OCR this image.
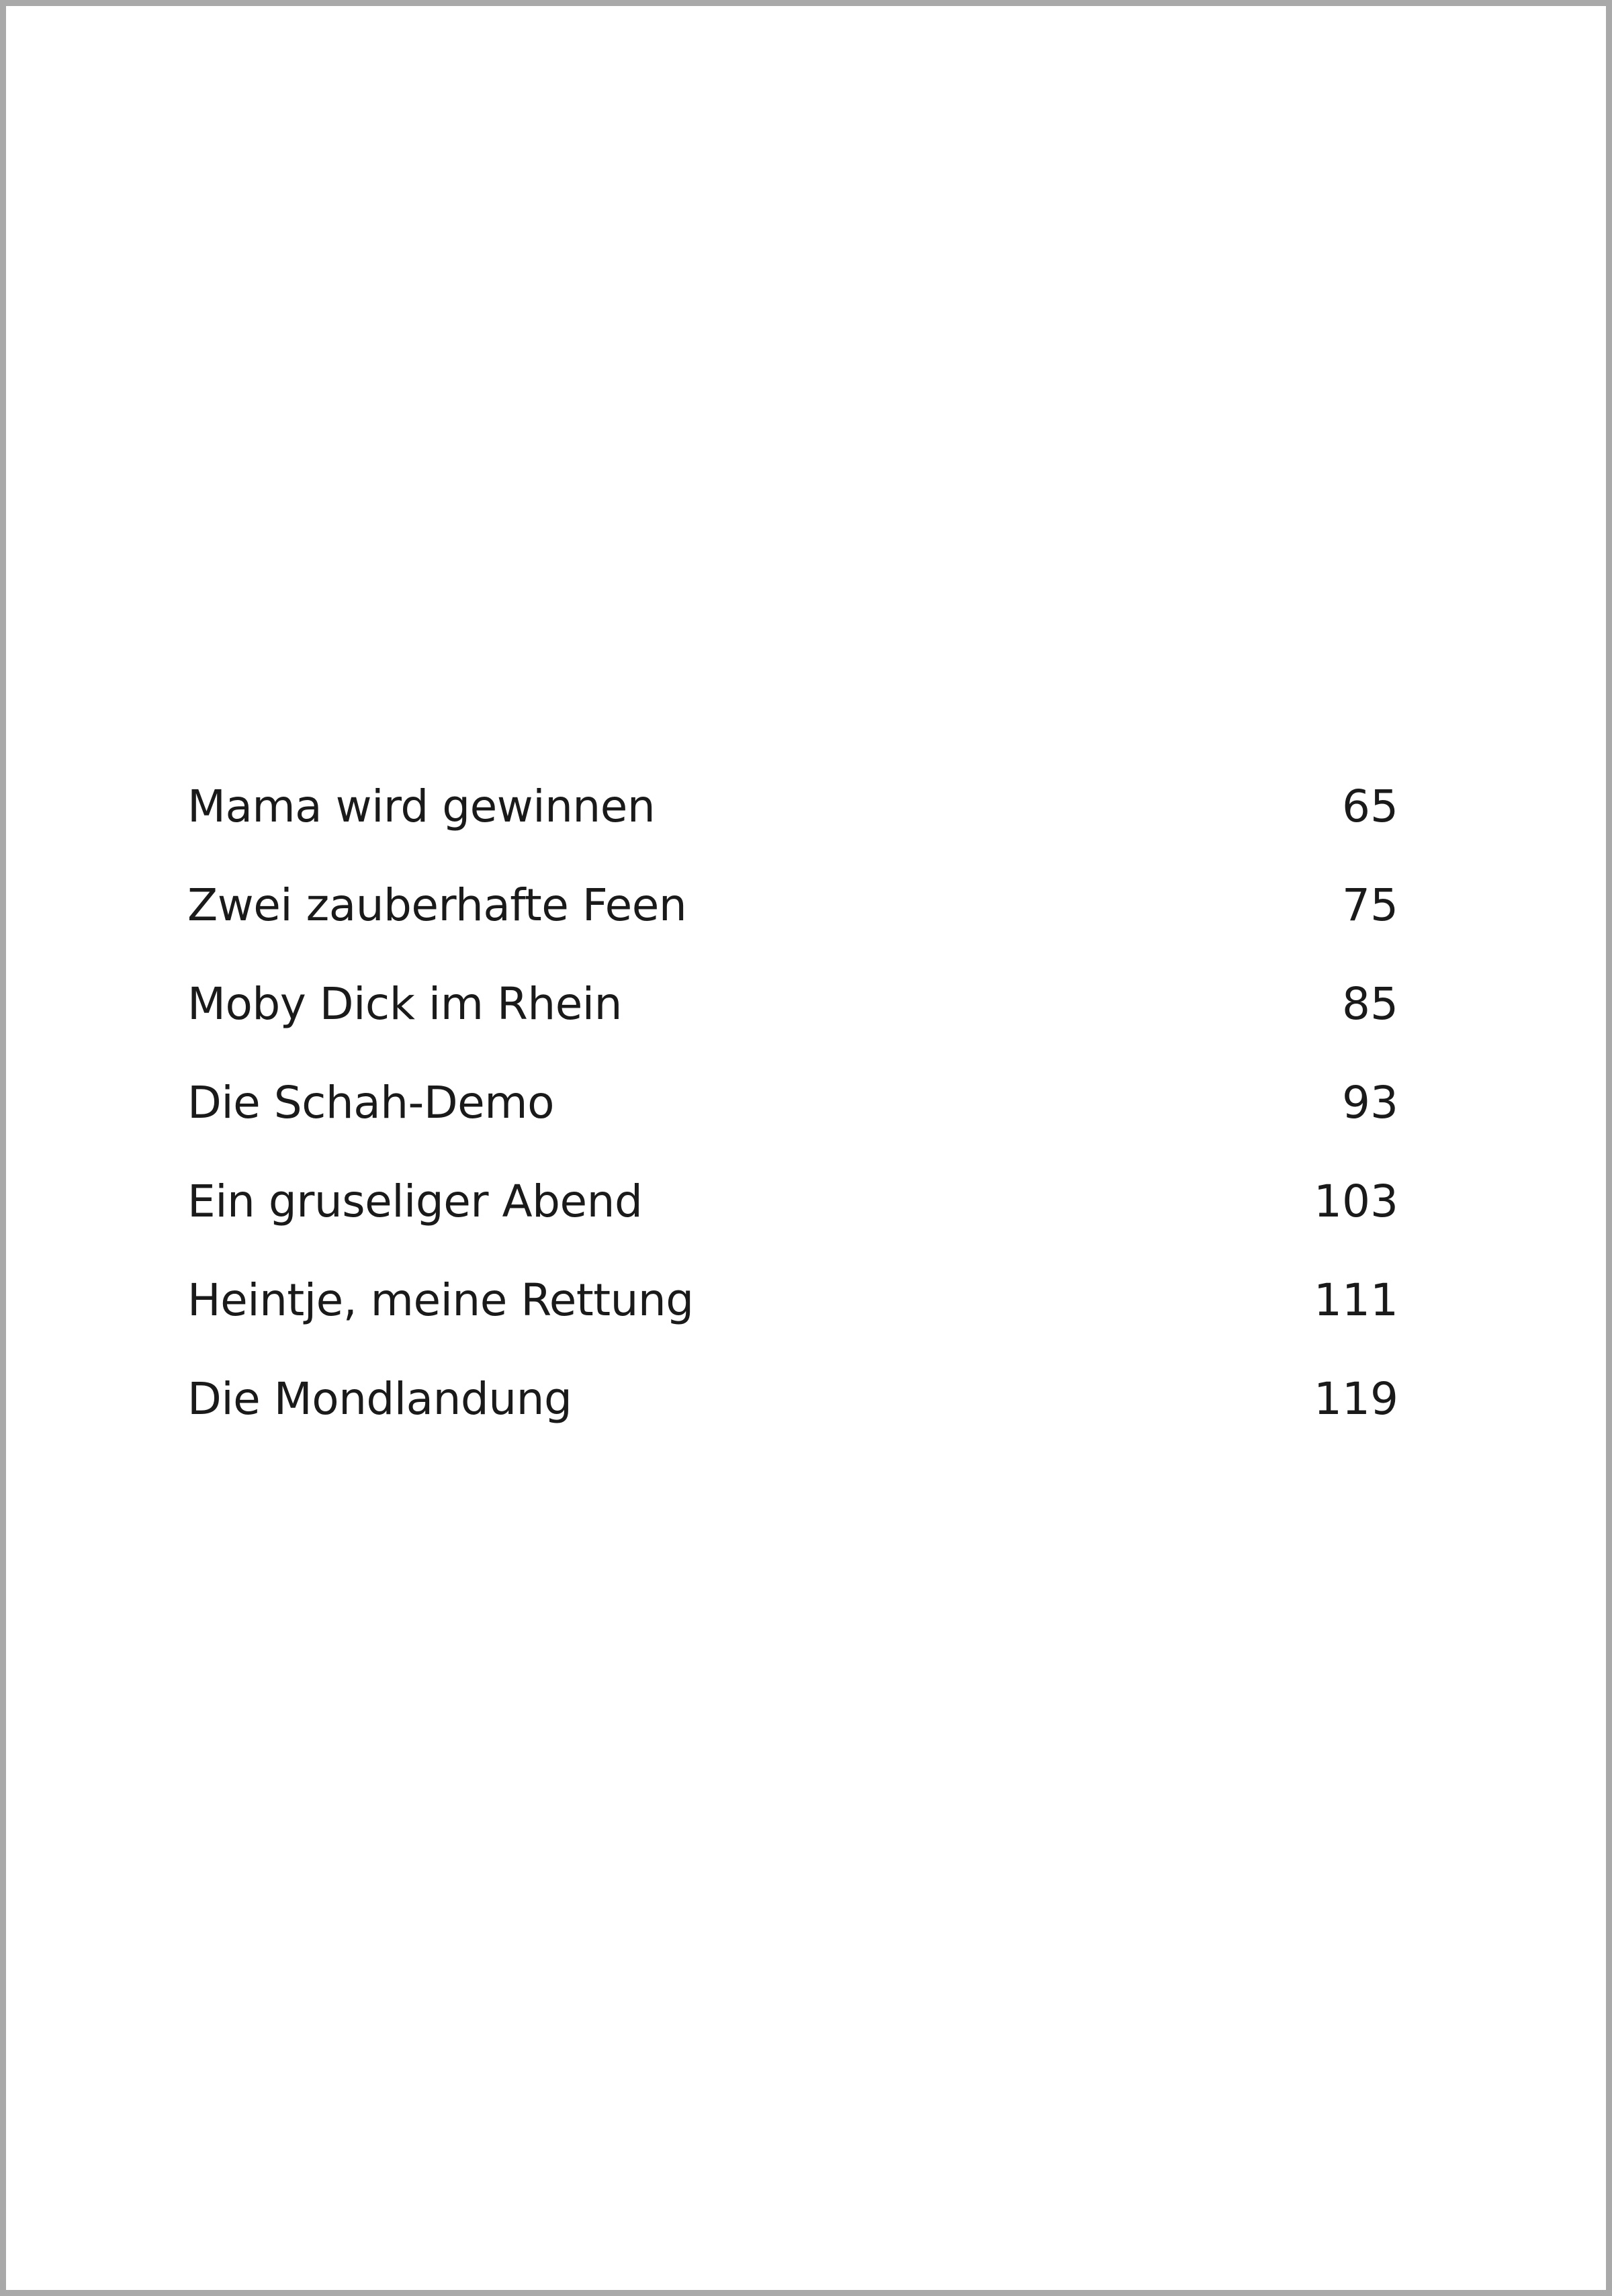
Mama wird gewinnen	65
Zwei zauberhafte Feen	75
Moby Dick im Rhein	85
Die Schah-Demo	93
Ein gruseliger Abend	103
Heintje, meine Rettung	111
Die Mondlandung	119
